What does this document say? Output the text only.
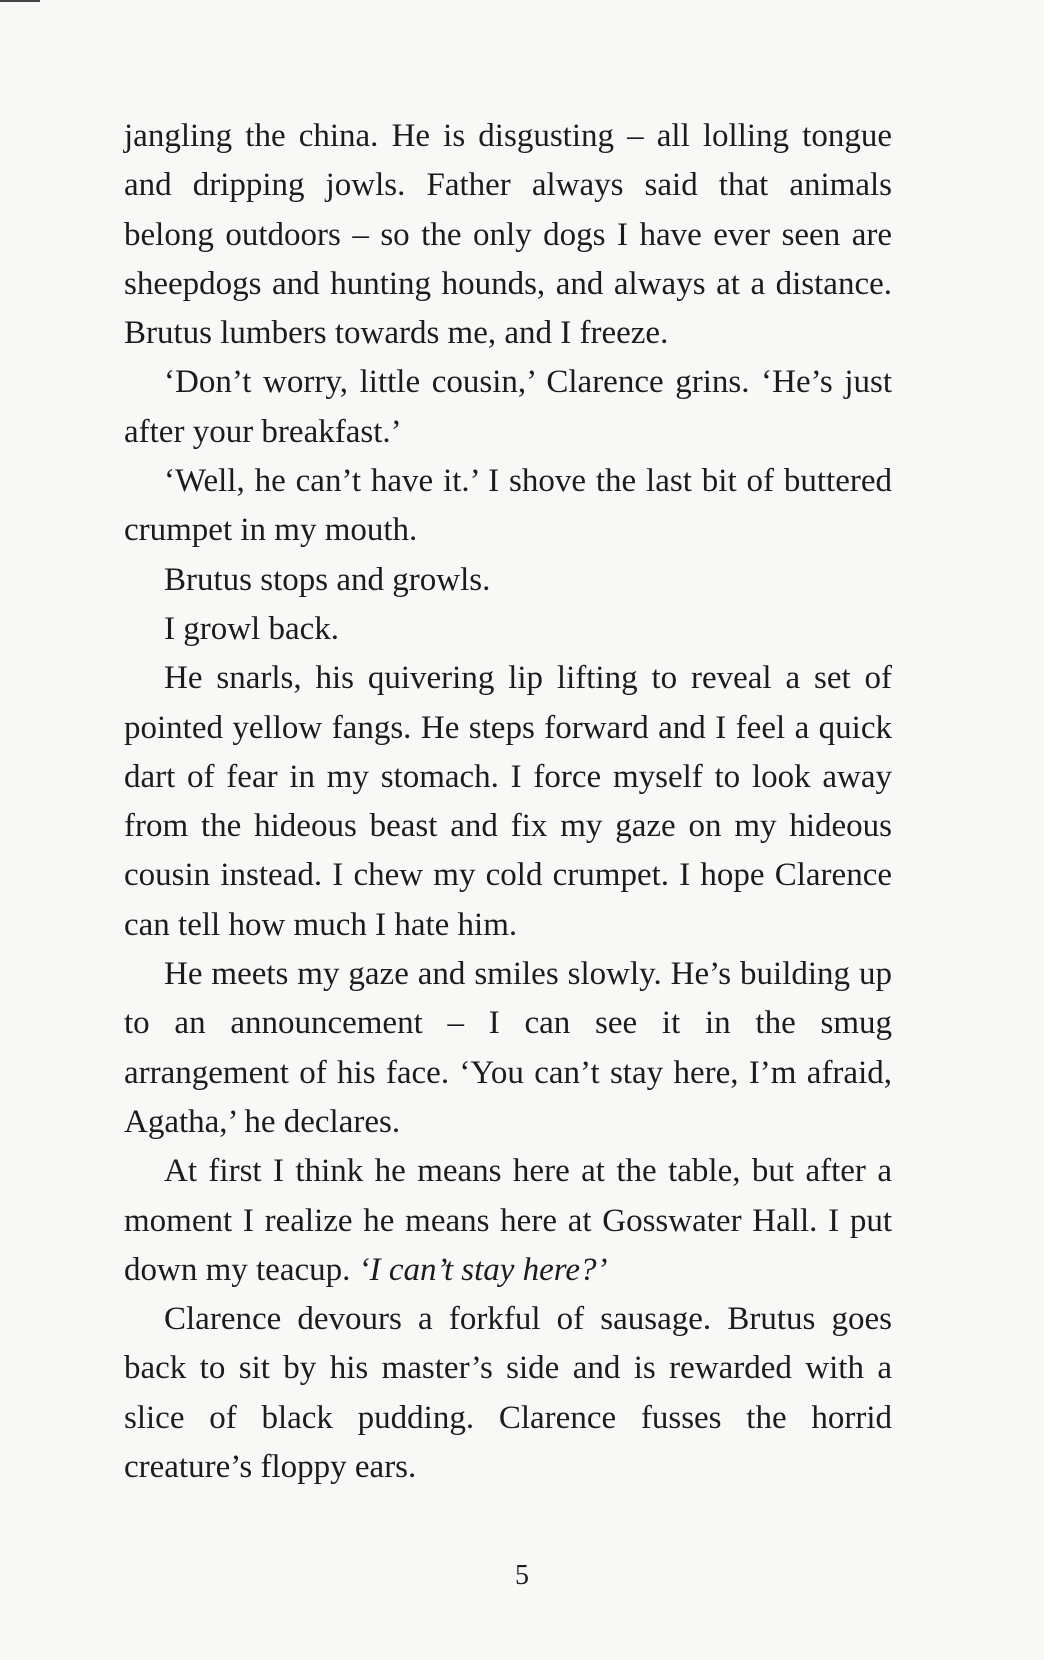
jangling the china. He is disgusting – all lolling tongue and dripping jowls. Father always said that animals belong outdoors – so the only dogs I have ever seen are sheepdogs and hunting hounds, and always at a distance. Brutus lumbers towards me, and I freeze.

‘Don’t worry, little cousin,’ Clarence grins. ‘He’s just after your breakfast.’

‘Well, he can’t have it.’ I shove the last bit of buttered crumpet in my mouth.

Brutus stops and growls.

I growl back.

He snarls, his quivering lip lifting to reveal a set of pointed yellow fangs. He steps forward and I feel a quick dart of fear in my stomach. I force myself to look away from the hideous beast and fix my gaze on my hideous cousin instead. I chew my cold crumpet. I hope Clarence can tell how much I hate him.

He meets my gaze and smiles slowly. He’s building up to an announcement – I can see it in the smug arrangement of his face. ‘You can’t stay here, I’m afraid, Agatha,’ he declares.

At first I think he means here at the table, but after a moment I realize he means here at Gosswater Hall. I put down my teacup. ‘I can’t stay here?’

Clarence devours a forkful of sausage. Brutus goes back to sit by his master’s side and is rewarded with a slice of black pudding. Clarence fusses the horrid creature’s floppy ears.

5
